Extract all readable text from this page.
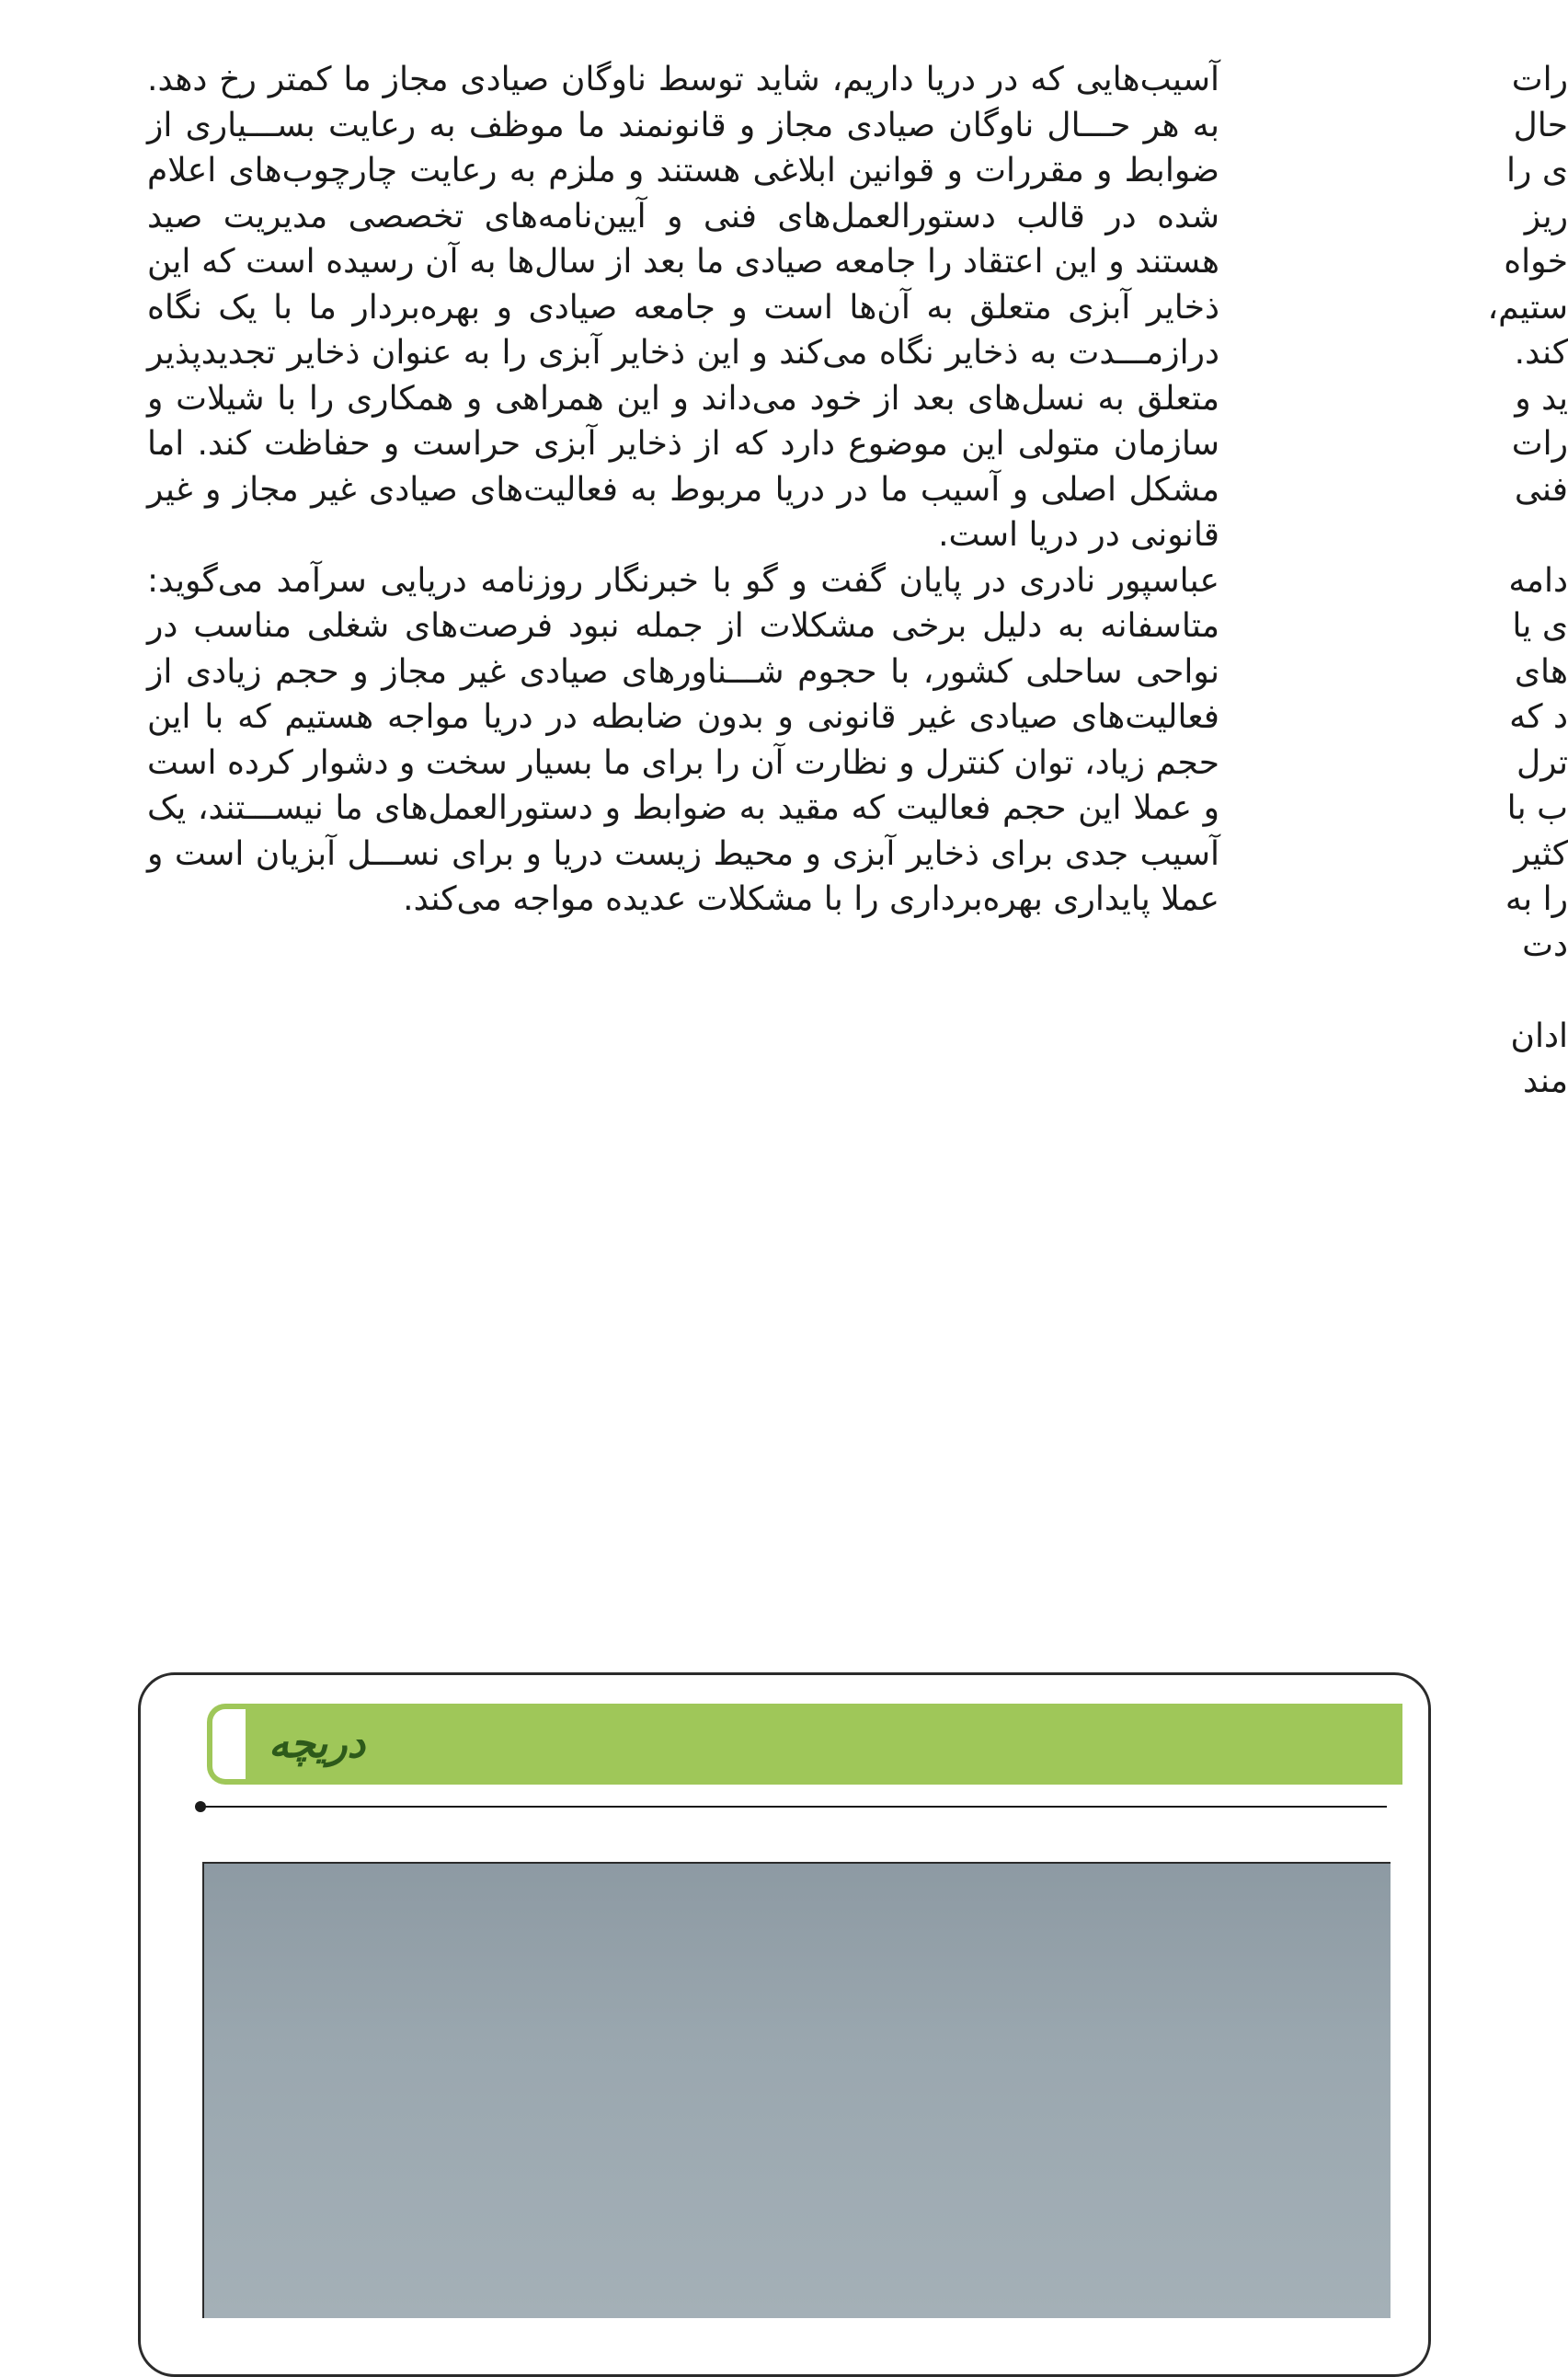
آسیب‌هایی که در دریا داریم، شاید توسط ناوگان صیادی مجاز ما کمتر رخ دهد. به هر حـــال ناوگان صیادی مجاز و قانونمند ما موظف به رعایت بســـیاری از ضوابط و مقررات و قوانین ابلاغی هستند و ملزم به رعایت چارچوب‌های اعلام شده در قالب دستورالعمل‌های فنی و آیین‌نامه‌های تخصصی مدیریت صید هستند و این اعتقاد را جامعه صیادی ما بعد از سال‌ها به آن رسیده است که این ذخایر آبزی متعلق به آن‌ها است و جامعه صیادی و بهره‌بردار ما با یک نگاه درازمـــدت به ذخایر نگاه می‌کند و این ذخایر آبزی را به عنوان ذخایر تجدیدپذیر متعلق به نسل‌های بعد از خود می‌داند و این همراهی و همکاری را با شیلات و سازمان متولی این موضوع دارد که از ذخایر آبزی حراست و حفاظت کند. اما مشکل اصلی و آسیب ما در دریا مربوط به فعالیت‌های صیادی غیر مجاز و غیر قانونی در دریا است.

عباسپور نادری در پایان گفت و گو با خبرنگار روزنامه دریایی سرآمد می‌گوید: متاسفانه به دلیل برخی مشکلات از جمله نبود فرصت‌های شغلی مناسب در نواحی ساحلی کشور، با حجوم شـــناورهای صیادی غیر مجاز و حجم زیادی از فعالیت‌های صیادی غیر قانونی و بدون ضابطه در دریا مواجه هستیم که با این حجم زیاد، توان کنترل و نظارت آن را برای ما بسیار سخت و دشوار کرده است و عملا این حجم فعالیت که مقید به ضوابط و دستورالعمل‌های ما نیســـتند، یک آسیب جدی برای ذخایر آبزی و محیط زیست دریا و برای نســـل آبزیان است و عملا پایداری بهره‌برداری را با مشکلات عدیده مواجه می‌کند.

رات
حال
ی را
ریز
خواه
ستیم،
کند.
ید و
رات
فنی
دامه
ی یا
های
د که
ترل
ب با
کثیر
را به
دت
ادان
مند
دریچه
